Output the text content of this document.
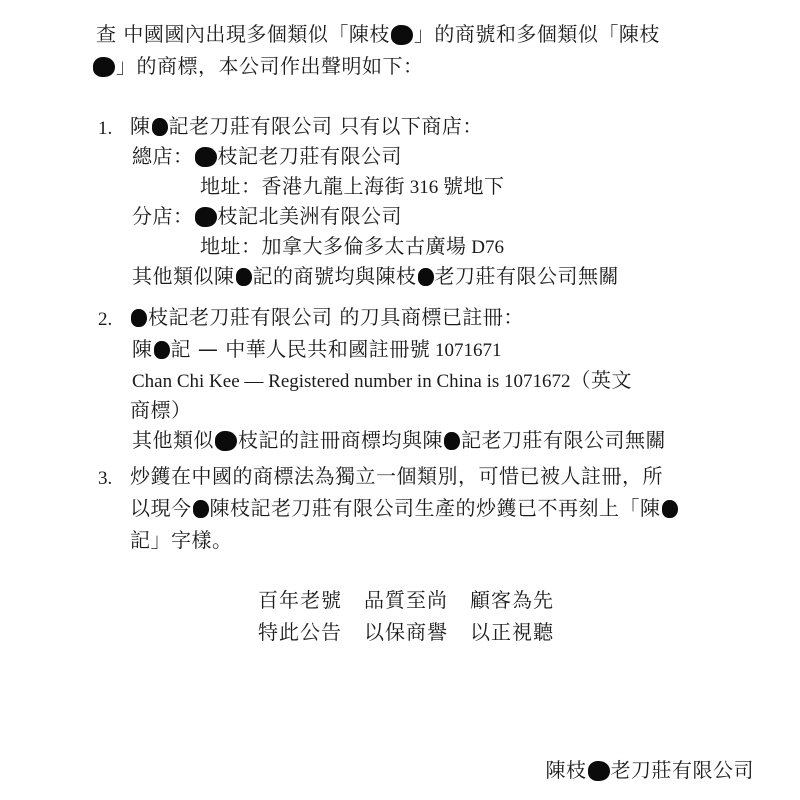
查 中國國內出現多個類似「陳枝 」的商號和多個類似「陳枝
」的商標，本公司作出聲明如下：
1. 陳 記老刀莊有限公司 只有以下商店：
總店： 枝記老刀莊有限公司
地址：香港九龍上海街 316 號地下
分店： 枝記北美洲有限公司
地址：加拿大多倫多太古廣場 D76
其他類似陳 記的商號均與陳枝 老刀莊有限公司無關
2.	枝記老刀莊有限公司 的刀具商標已註冊：
陳 記 — 中華人民共和國註冊號 1071671
Chan Chi Kee — Registered number in China is 1071672（英文
商標）
其他類似 枝記的註冊商標均與陳 記老刀莊有限公司無關
3. 炒鑊在中國的商標法為獨立一個類別，可惜已被人註冊，所
以現今 陳枝記老刀莊有限公司生產的炒鑊已不再刻上「陳
記」字樣。
百年老號 品質至尚 顧客為先
特此公告 以保商譽 以正視聽
陳枝 老刀莊有限公司
